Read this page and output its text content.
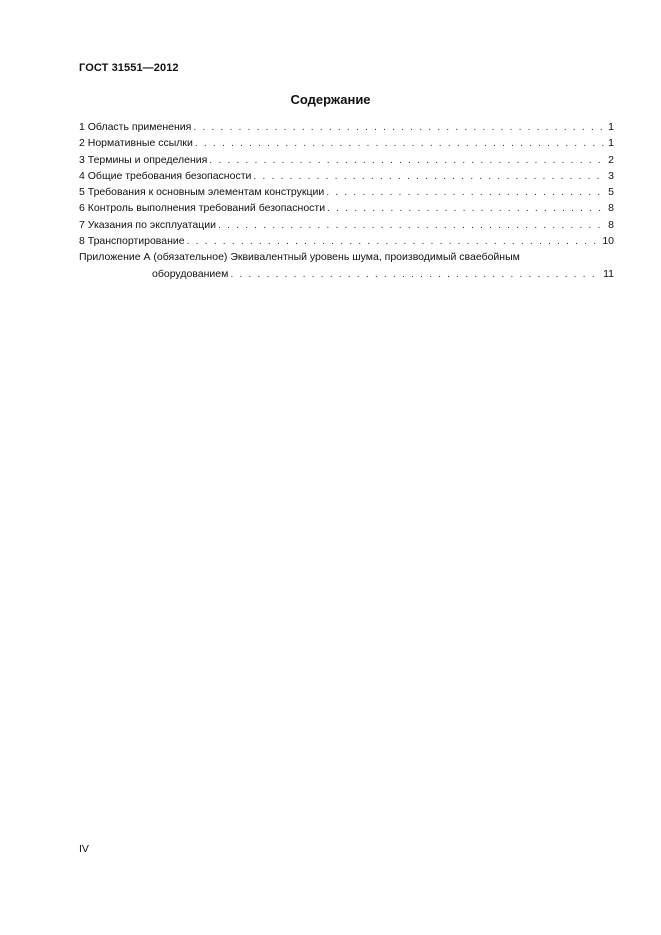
ГОСТ 31551—2012
Содержание
1 Область применения . . .	1
2 Нормативные ссылки . . .	1
3 Термины и определения . . .	2
4 Общие требования безопасности . . .	3
5 Требования к основным элементам конструкции . . .	5
6 Контроль выполнения требований безопасности . . .	8
7 Указания по эксплуатации . . .	8
8 Транспортирование . . .	10
Приложение А (обязательное) Эквивалентный уровень шума, производимый сваебойным
оборудованием . . .	11
IV
